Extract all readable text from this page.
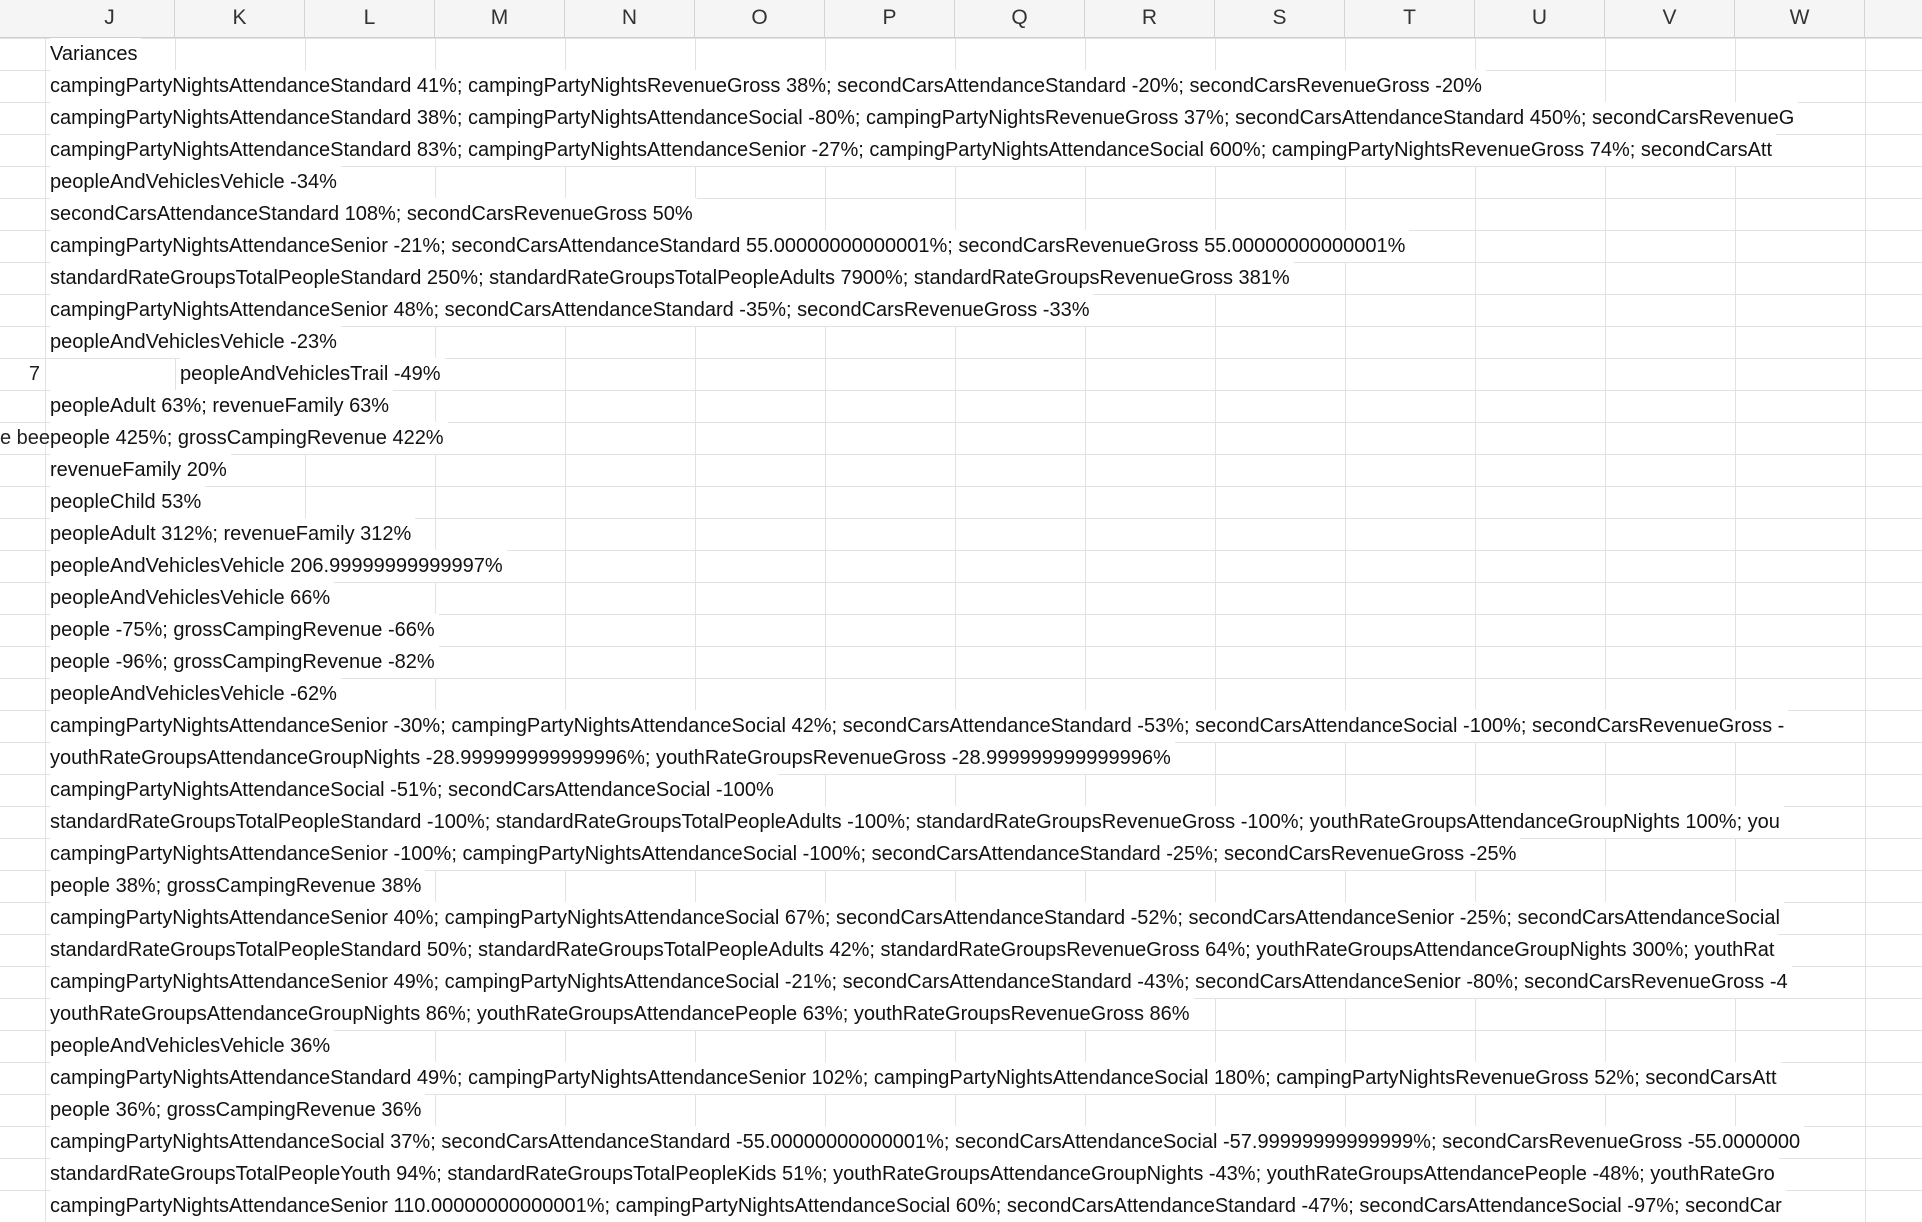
J	K	L	M	N	O	P	Q	R	S	T	U	V	W
Variances
campingPartyNightsAttendanceStandard 41%; campingPartyNightsRevenueGross 38%; secondCarsAttendanceStandard -20%; secondCarsRevenueGross -20%
campingPartyNightsAttendanceStandard 38%; campingPartyNightsAttendanceSocial -80%; campingPartyNightsRevenueGross 37%; secondCarsAttendanceStandard 450%; secondCarsRevenueG
campingPartyNightsAttendanceStandard 83%; campingPartyNightsAttendanceSenior -27%; campingPartyNightsAttendanceSocial 600%; campingPartyNightsRevenueGross 74%; secondCarsAtt
peopleAndVehiclesVehicle -34%
secondCarsAttendanceStandard 108%; secondCarsRevenueGross 50%
campingPartyNightsAttendanceSenior -21%; secondCarsAttendanceStandard 55.00000000000001%; secondCarsRevenueGross 55.00000000000001%
standardRateGroupsTotalPeopleStandard 250%; standardRateGroupsTotalPeopleAdults 7900%; standardRateGroupsRevenueGross 381%
campingPartyNightsAttendanceSenior 48%; secondCarsAttendanceStandard -35%; secondCarsRevenueGross -33%
peopleAndVehiclesVehicle -23%
7	peopleAndVehiclesTrail -49%
peopleAdult 63%; revenueFamily 63%
e bee people 425%; grossCampingRevenue 422%
revenueFamily 20%
peopleChild 53%
peopleAdult 312%; revenueFamily 312%
peopleAndVehiclesVehicle 206.99999999999997%
peopleAndVehiclesVehicle 66%
people -75%; grossCampingRevenue -66%
people -96%; grossCampingRevenue -82%
peopleAndVehiclesVehicle -62%
campingPartyNightsAttendanceSenior -30%; campingPartyNightsAttendanceSocial 42%; secondCarsAttendanceStandard -53%; secondCarsAttendanceSocial -100%; secondCarsRevenueGross -
youthRateGroupsAttendanceGroupNights -28.999999999999996%; youthRateGroupsRevenueGross -28.999999999999996%
campingPartyNightsAttendanceSocial -51%; secondCarsAttendanceSocial -100%
standardRateGroupsTotalPeopleStandard -100%; standardRateGroupsTotalPeopleAdults -100%; standardRateGroupsRevenueGross -100%; youthRateGroupsAttendanceGroupNights 100%; you
campingPartyNightsAttendanceSenior -100%; campingPartyNightsAttendanceSocial -100%; secondCarsAttendanceStandard -25%; secondCarsRevenueGross -25%
people 38%; grossCampingRevenue 38%
campingPartyNightsAttendanceSenior 40%; campingPartyNightsAttendanceSocial 67%; secondCarsAttendanceStandard -52%; secondCarsAttendanceSenior -25%; secondCarsAttendanceSocial
standardRateGroupsTotalPeopleStandard 50%; standardRateGroupsTotalPeopleAdults 42%; standardRateGroupsRevenueGross 64%; youthRateGroupsAttendanceGroupNights 300%; youthRat
campingPartyNightsAttendanceSenior 49%; campingPartyNightsAttendanceSocial -21%; secondCarsAttendanceStandard -43%; secondCarsAttendanceSenior -80%; secondCarsRevenueGross -4
youthRateGroupsAttendanceGroupNights 86%; youthRateGroupsAttendancePeople 63%; youthRateGroupsRevenueGross 86%
peopleAndVehiclesVehicle 36%
campingPartyNightsAttendanceStandard 49%; campingPartyNightsAttendanceSenior 102%; campingPartyNightsAttendanceSocial 180%; campingPartyNightsRevenueGross 52%; secondCarsAtt
people 36%; grossCampingRevenue 36%
campingPartyNightsAttendanceSocial 37%; secondCarsAttendanceStandard -55.00000000000001%; secondCarsAttendanceSocial -57.99999999999999%; secondCarsRevenueGross -55.0000000
standardRateGroupsTotalPeopleYouth 94%; standardRateGroupsTotalPeopleKids 51%; youthRateGroupsAttendanceGroupNights -43%; youthRateGroupsAttendancePeople -48%; youthRateGro
campingPartyNightsAttendanceSenior 110.00000000000001%; campingPartyNightsAttendanceSocial 60%; secondCarsAttendanceStandard -47%; secondCarsAttendanceSocial -97%; secondCar
